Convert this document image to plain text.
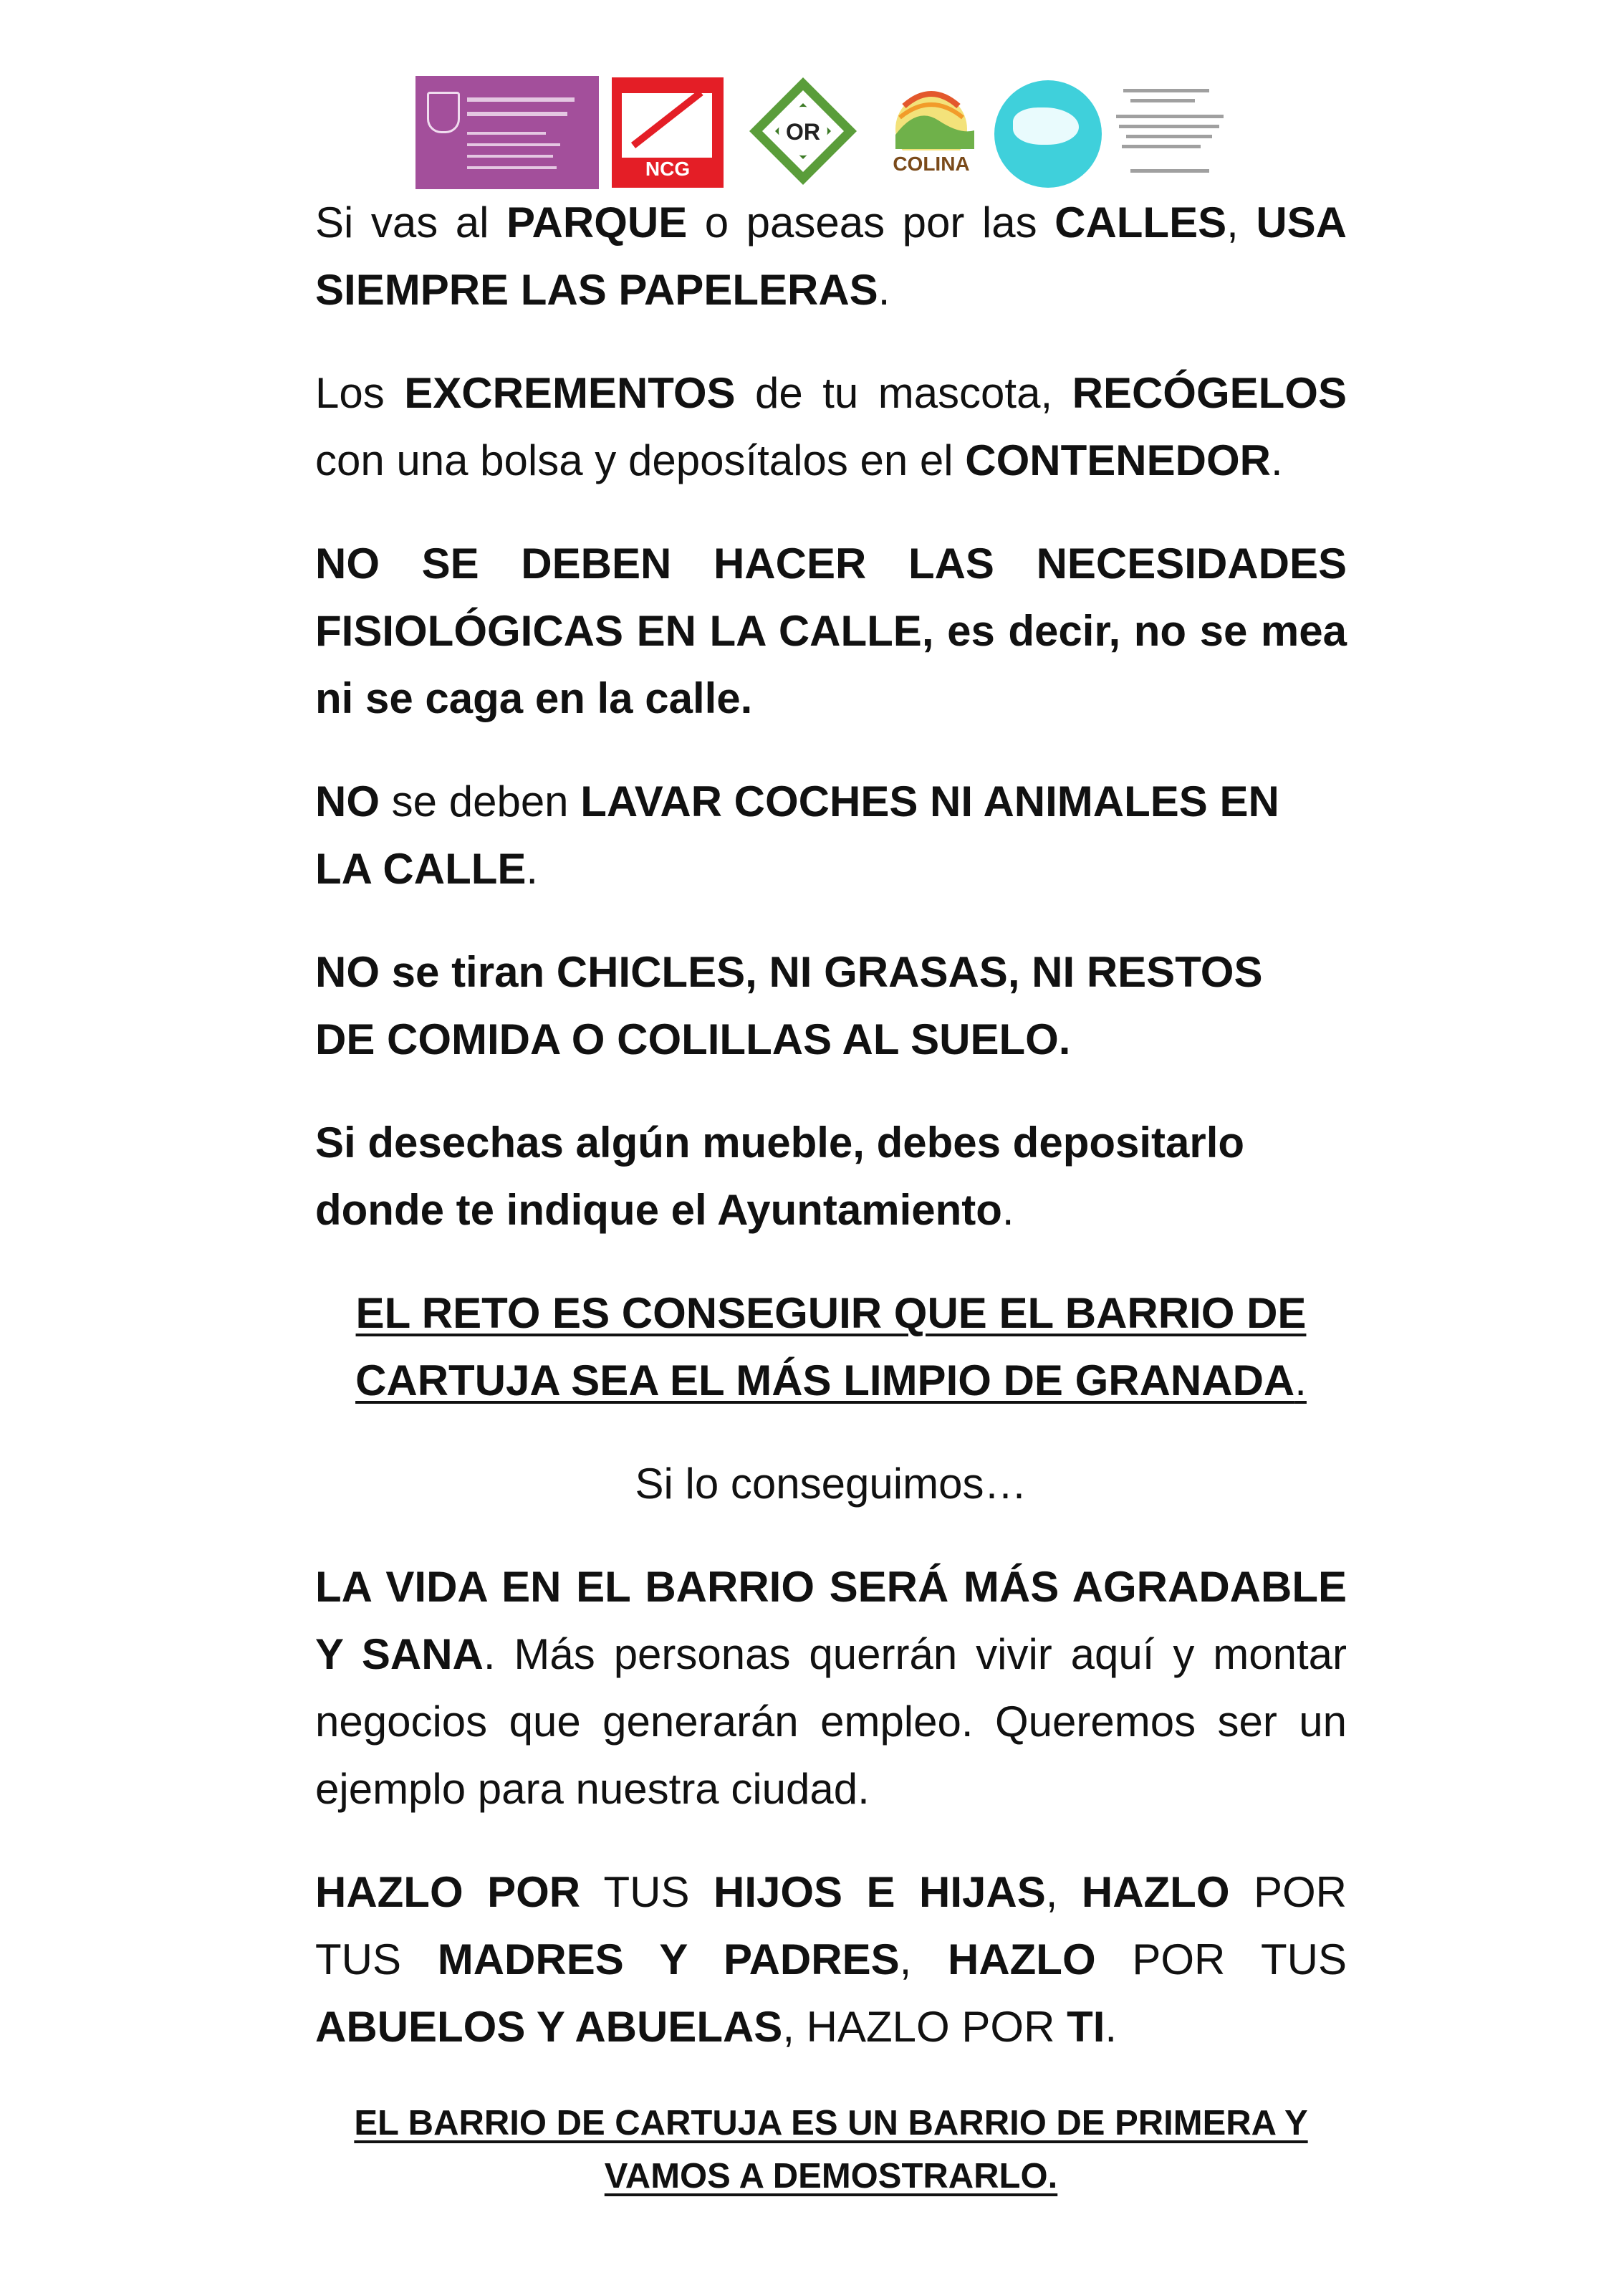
NCG
OR
COLINA

Si vas al PARQUE o paseas por las CALLES, USA SIEMPRE LAS PAPELERAS.

Los EXCREMENTOS de tu mascota, RECÓGELOS con una bolsa y deposítalos en el CONTENEDOR.

NO SE DEBEN HACER LAS NECESIDADES FISIOLÓGICAS EN LA CALLE, es decir, no se mea ni se caga en la calle.

NO se deben LAVAR COCHES NI ANIMALES EN LA CALLE.

NO se tiran CHICLES, NI GRASAS, NI RESTOS DE COMIDA O COLILLAS AL SUELO.

Si desechas algún mueble, debes depositarlo donde te indique el Ayuntamiento.

EL RETO ES CONSEGUIR QUE EL BARRIO DE
CARTUJA SEA EL MÁS LIMPIO DE GRANADA.

Si lo conseguimos…

LA VIDA EN EL BARRIO SERÁ MÁS AGRADABLE Y SANA. Más personas querrán vivir aquí y montar negocios que generarán empleo. Queremos ser un ejemplo para nuestra ciudad.

HAZLO POR TUS HIJOS E HIJAS, HAZLO POR TUS MADRES Y PADRES, HAZLO POR TUS ABUELOS Y ABUELAS, HAZLO POR TI.

EL BARRIO DE CARTUJA ES UN BARRIO DE PRIMERA Y
VAMOS A DEMOSTRARLO.
